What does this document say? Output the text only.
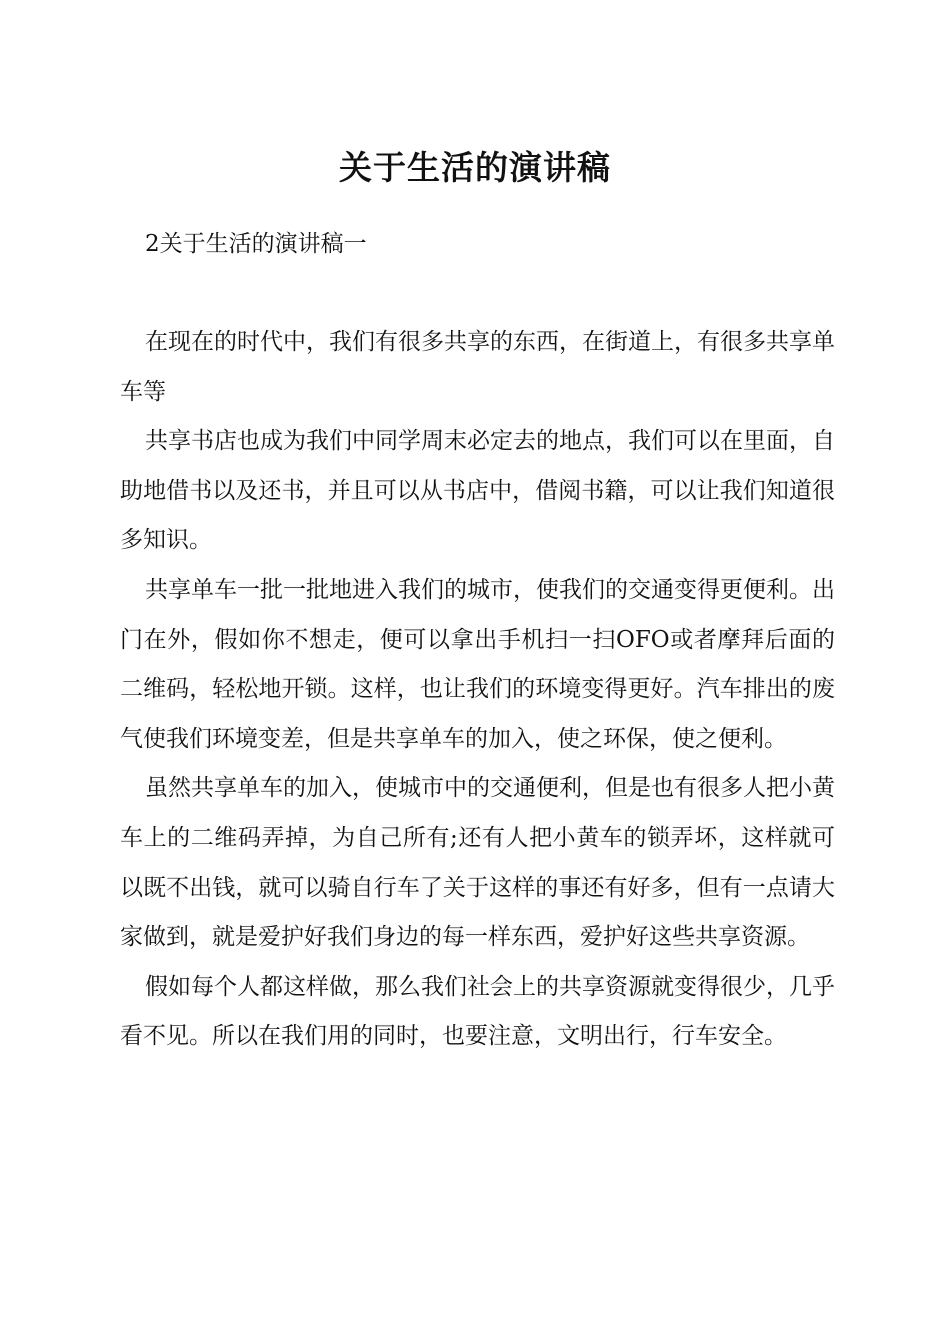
关于生活的演讲稿
2关于生活的演讲稿一

在现在的时代中，我们有很多共享的东西，在街道上，有很多共享单车等

共享书店也成为我们中同学周末必定去的地点，我们可以在里面，自助地借书以及还书，并且可以从书店中，借阅书籍，可以让我们知道很多知识。

共享单车一批一批地进入我们的城市，使我们的交通变得更便利。出门在外，假如你不想走，便可以拿出手机扫一扫OFO或者摩拜后面的二维码，轻松地开锁。这样，也让我们的环境变得更好。汽车排出的废气使我们环境变差，但是共享单车的加入，使之环保，使之便利。

虽然共享单车的加入，使城市中的交通便利，但是也有很多人把小黄车上的二维码弄掉，为自己所有;还有人把小黄车的锁弄坏，这样就可以既不出钱，就可以骑自行车了关于这样的事还有好多，但有一点请大家做到，就是爱护好我们身边的每一样东西，爱护好这些共享资源。

假如每个人都这样做，那么我们社会上的共享资源就变得很少，几乎看不见。所以在我们用的同时，也要注意，文明出行，行车安全。
